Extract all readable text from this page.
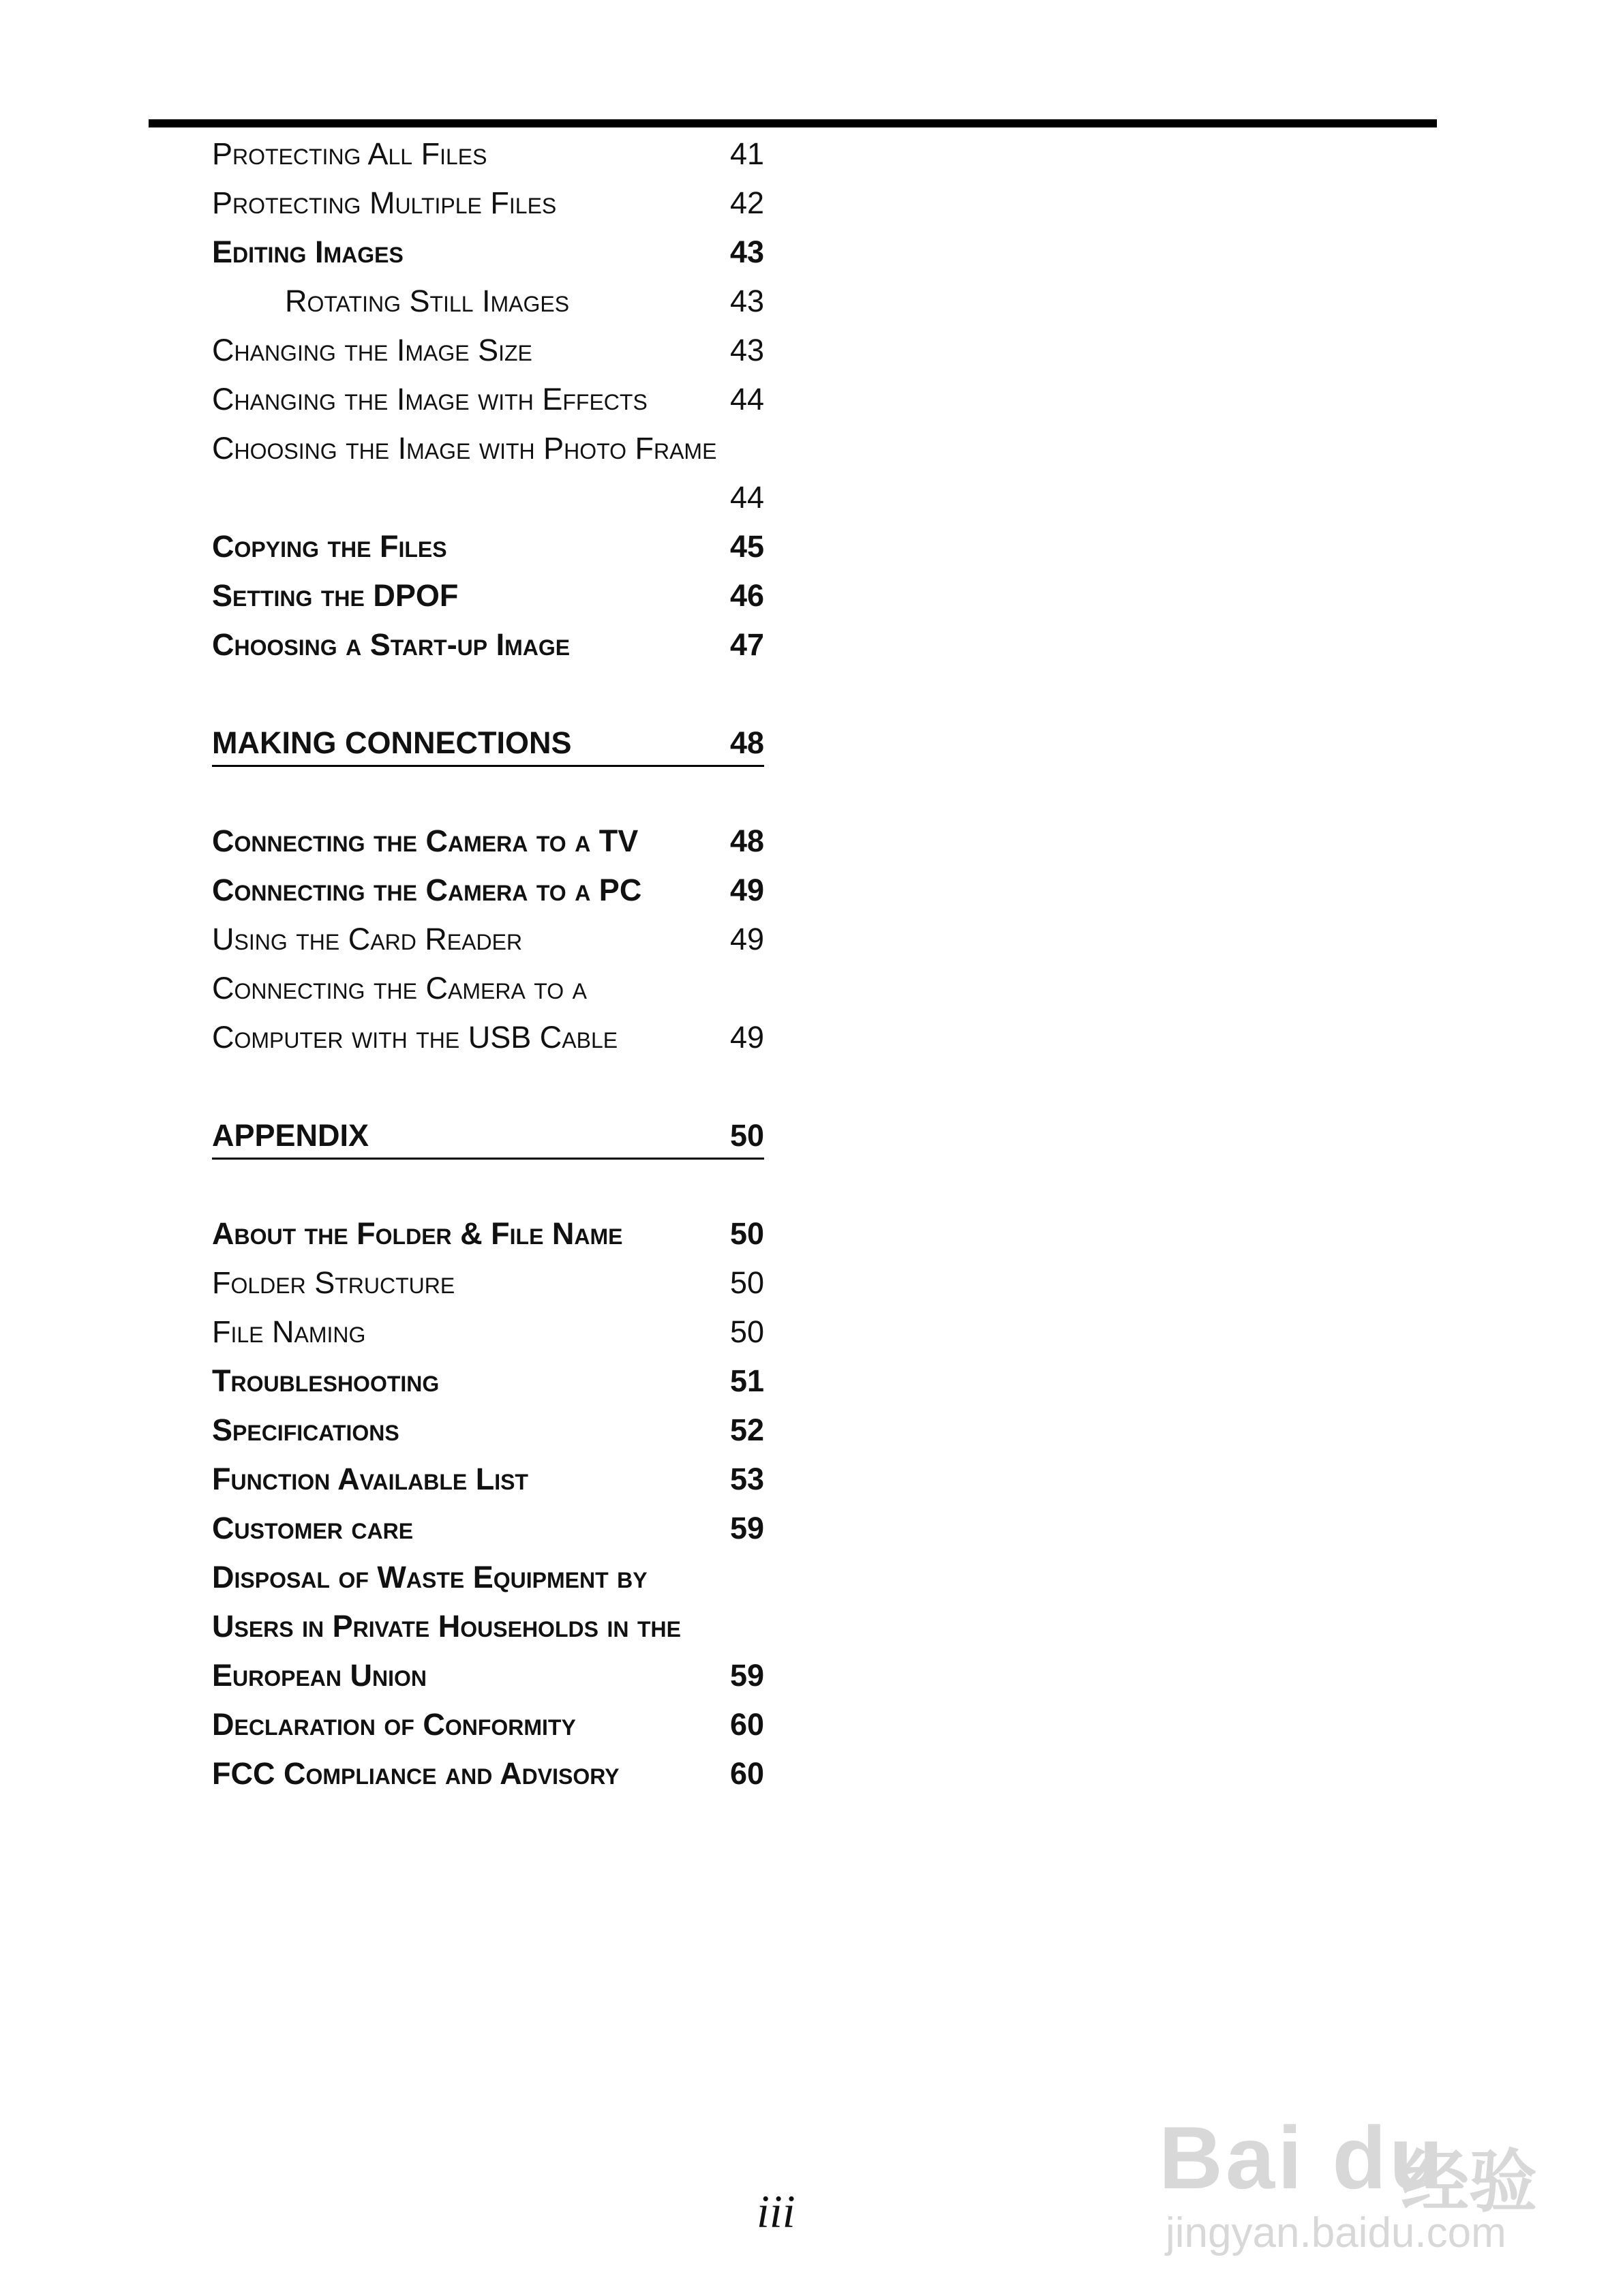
Protecting All Files	41
Protecting Multiple Files	42
Editing Images	43
Rotating Still Images	43
Changing the Image Size	43
Changing the Image with Effects	44
Choosing the Image with Photo Frame
44
Copying the Files	45
Setting the DPOF	46
Choosing a Start-up Image	47
MAKING CONNECTIONS	48
Connecting the Camera to a TV	48
Connecting the Camera to a PC	49
Using the Card Reader	49
Connecting the Camera to a
Computer with the USB Cable	49
APPENDIX	50
About the Folder & File Name	50
Folder Structure	50
File Naming	50
Troubleshooting	51
Specifications	52
Function Available List	53
Customer care	59
Disposal of Waste Equipment by
Users in Private Households in the
European Union	59
Declaration of Conformity	60
FCC Compliance and Advisory	60
iii
Bai du
经验
jingyan.baidu.com
